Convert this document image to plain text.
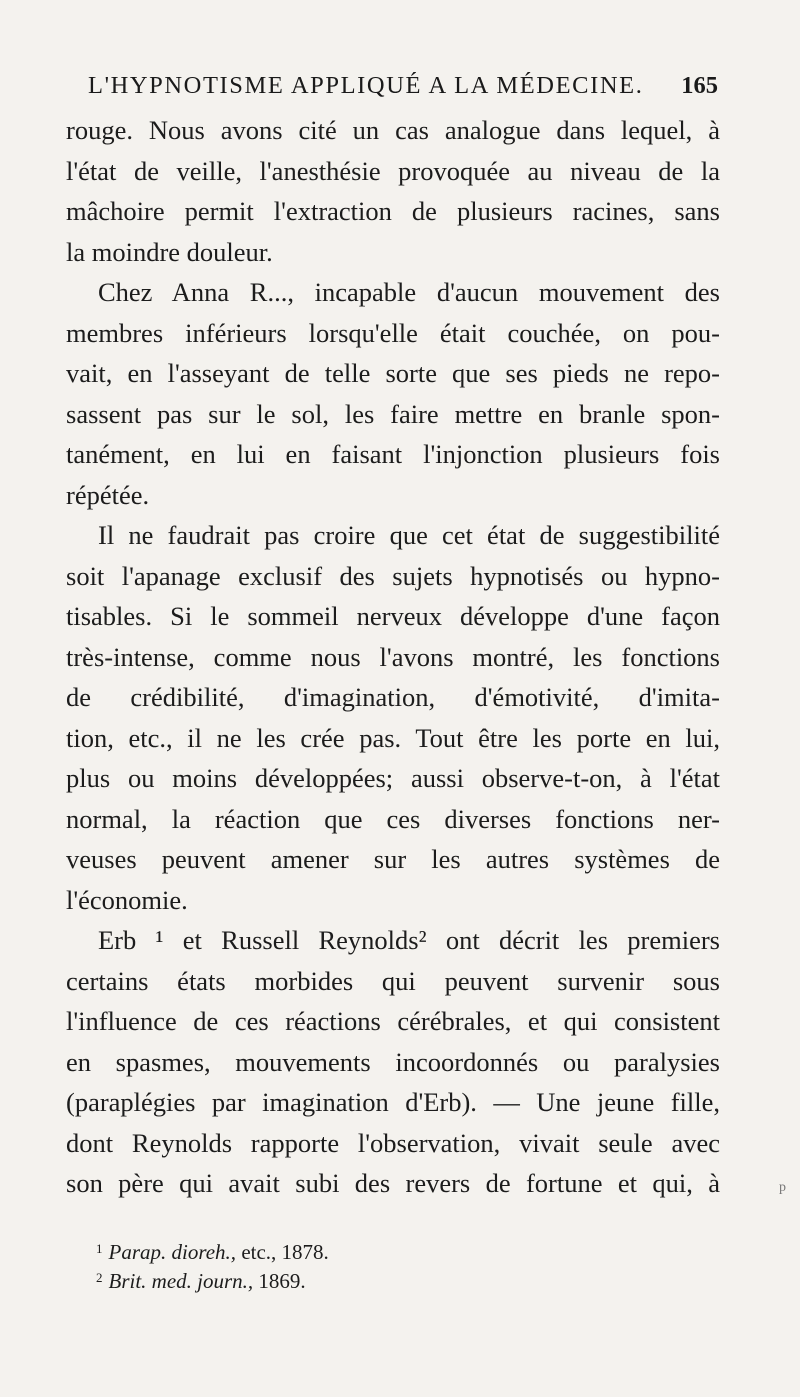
L'HYPNOTISME APPLIQUÉ A LA MÉDECINE. 165
rouge. Nous avons cité un cas analogue dans lequel, à
l'état de veille, l'anesthésie provoquée au niveau de la
mâchoire permit l'extraction de plusieurs racines, sans
la moindre douleur.
Chez Anna R..., incapable d'aucun mouvement des
membres inférieurs lorsqu'elle était couchée, on pou-
vait, en l'asseyant de telle sorte que ses pieds ne repo-
sassent pas sur le sol, les faire mettre en branle spon-
tanément, en lui en faisant l'injonction plusieurs fois
répétée.
Il ne faudrait pas croire que cet état de suggestibilité
soit l'apanage exclusif des sujets hypnotisés ou hypno-
tisables. Si le sommeil nerveux développe d'une façon
très-intense, comme nous l'avons montré, les fonctions
de crédibilité, d'imagination, d'émotivité, d'imita-
tion, etc., il ne les crée pas. Tout être les porte en lui,
plus ou moins développées; aussi observe-t-on, à l'état
normal, la réaction que ces diverses fonctions ner-
veuses peuvent amener sur les autres systèmes de
l'économie.
Erb ¹ et Russell Reynolds² ont décrit les premiers
certains états morbides qui peuvent survenir sous
l'influence de ces réactions cérébrales, et qui consistent
en spasmes, mouvements incoordonnés ou paralysies
(paraplégies par imagination d'Erb). — Une jeune fille,
dont Reynolds rapporte l'observation, vivait seule avec
son père qui avait subi des revers de fortune et qui, à
$^1$ Parap. dioreh., etc., 1878.
$^2$ Brit. med. journ., 1869.
p
